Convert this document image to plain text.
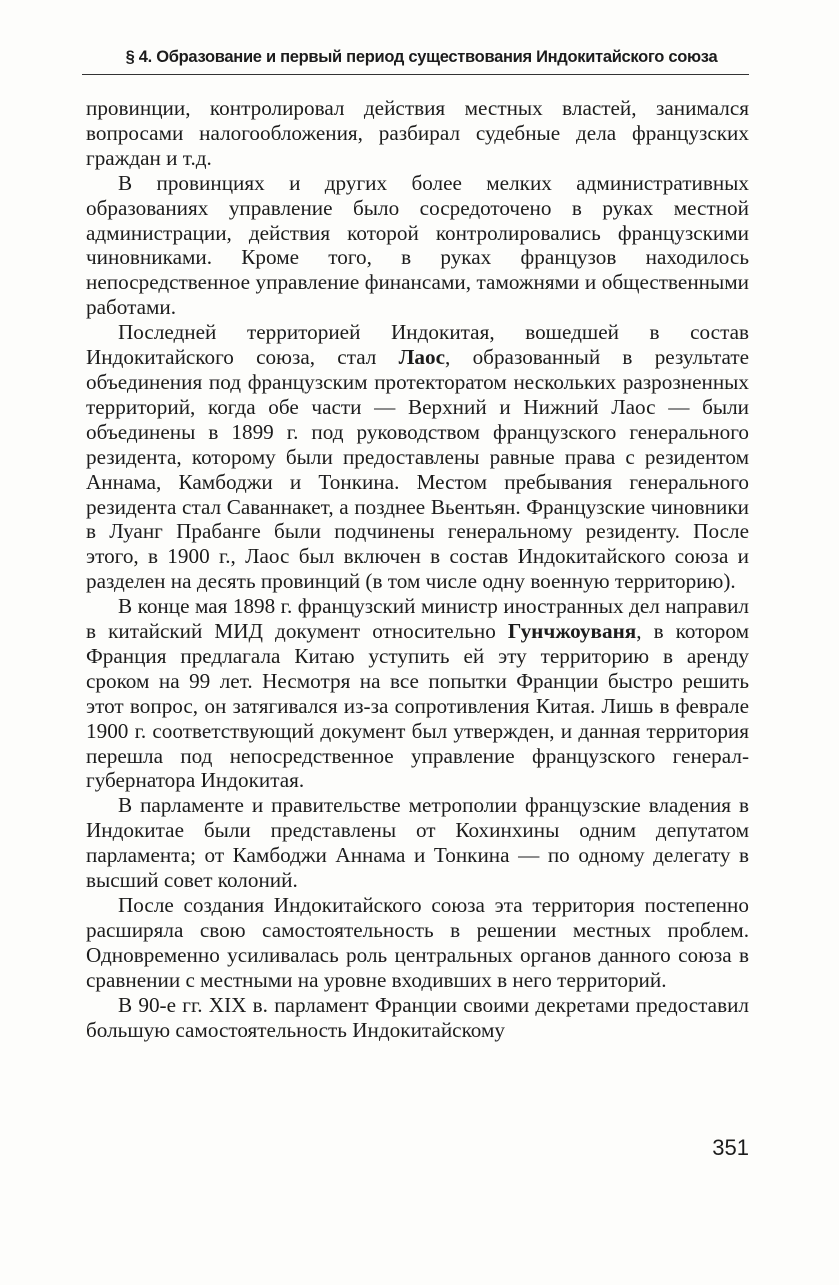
§ 4. Образование и первый период существования Индокитайского союза

провинции, контролировал действия местных властей, занимался вопросами налогообложения, разбирал судебные дела французских граждан и т.д.

В провинциях и других более мелких административных образованиях управление было сосредоточено в руках местной администрации, действия которой контролировались французскими чиновниками. Кроме того, в руках французов находилось непосредственное управление финансами, таможнями и общественными работами.

Последней территорией Индокитая, вошедшей в состав Индокитайского союза, стал Лаос, образованный в результате объединения под французским протекторатом нескольких разрозненных территорий, когда обе части — Верхний и Нижний Лаос — были объединены в 1899 г. под руководством французского генерального резидента, которому были предоставлены равные права с резидентом Аннама, Камбоджи и Тонкина. Местом пребывания генерального резидента стал Саваннакет, а позднее Вьентьян. Французские чиновники в Луанг Прабанге были подчинены генеральному резиденту. После этого, в 1900 г., Лаос был включен в состав Индокитайского союза и разделен на десять провинций (в том числе одну военную территорию).

В конце мая 1898 г. французский министр иностранных дел направил в китайский МИД документ относительно Гунчжоуваня, в котором Франция предлагала Китаю уступить ей эту территорию в аренду сроком на 99 лет. Несмотря на все попытки Франции быстро решить этот вопрос, он затягивался из-за сопротивления Китая. Лишь в феврале 1900 г. соответствующий документ был утвержден, и данная территория перешла под непосредственное управление французского генерал-губернатора Индокитая.

В парламенте и правительстве метрополии французские владения в Индокитае были представлены от Кохинхины одним депутатом парламента; от Камбоджи Аннама и Тонкина — по одному делегату в высший совет колоний.

После создания Индокитайского союза эта территория постепенно расширяла свою самостоятельность в решении местных проблем. Одновременно усиливалась роль центральных органов данного союза в сравнении с местными на уровне входивших в него территорий.

В 90-е гг. XIX в. парламент Франции своими декретами предоставил большую самостоятельность Индокитайскому

351
